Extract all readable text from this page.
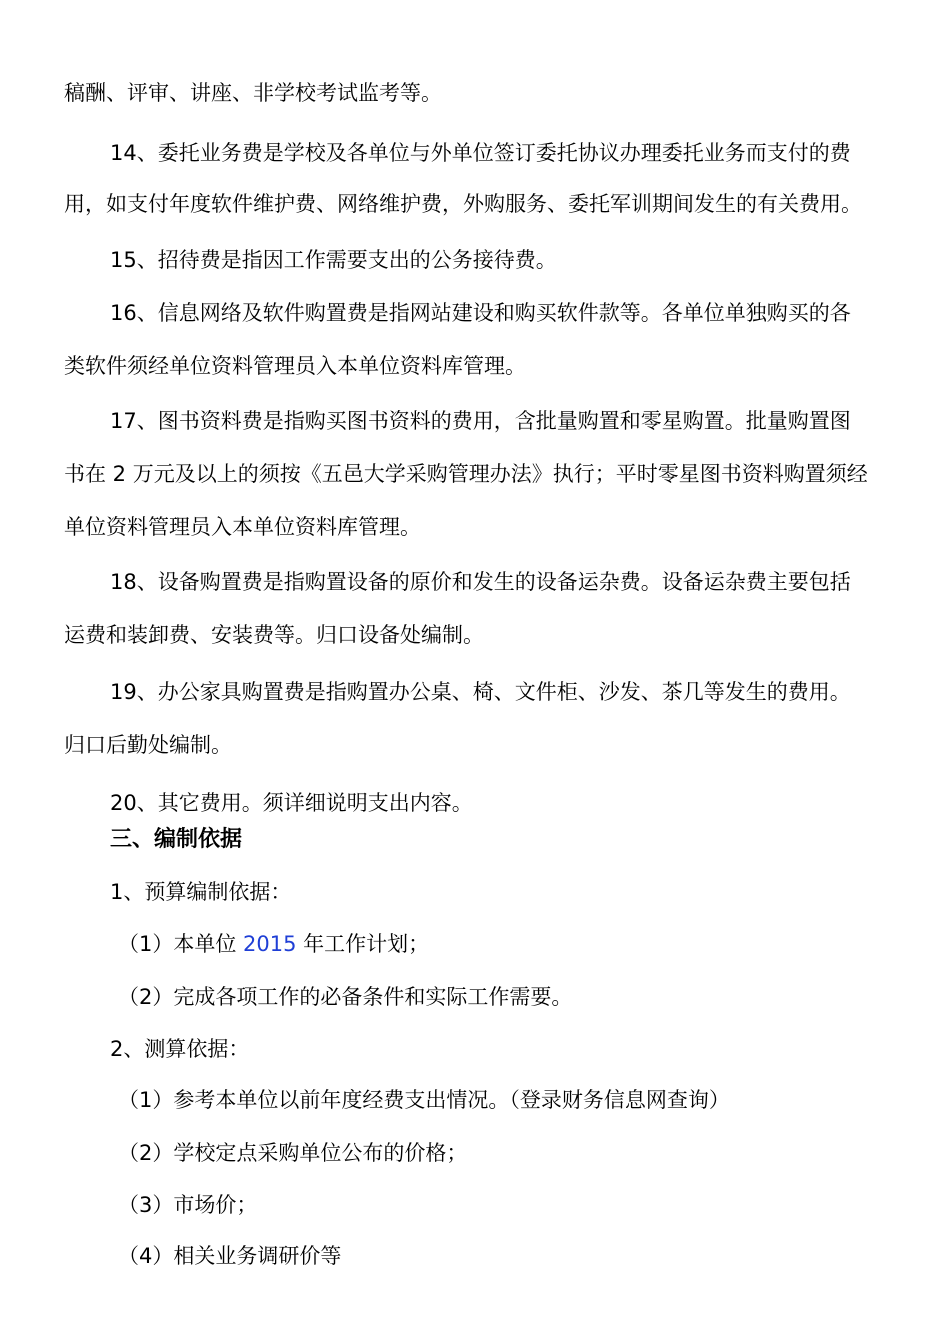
稿酬、评审、讲座、非学校考试监考等。
14、委托业务费是学校及各单位与外单位签订委托协议办理委托业务而支付的费
用，如支付年度软件维护费、网络维护费，外购服务、委托军训期间发生的有关费用。
15、招待费是指因工作需要支出的公务接待费。
16、信息网络及软件购置费是指网站建设和购买软件款等。各单位单独购买的各
类软件须经单位资料管理员入本单位资料库管理。
17、图书资料费是指购买图书资料的费用，含批量购置和零星购置。批量购置图
书在 2 万元及以上的须按《五邑大学采购管理办法》执行；平时零星图书资料购置须经
单位资料管理员入本单位资料库管理。
18、设备购置费是指购置设备的原价和发生的设备运杂费。设备运杂费主要包括
运费和装卸费、安装费等。归口设备处编制。
19、办公家具购置费是指购置办公桌、椅、文件柜、沙发、茶几等发生的费用。
归口后勤处编制。
20、其它费用。须详细说明支出内容。
三、编制依据
1、预算编制依据：
（1）本单位 2015 年工作计划；
（2）完成各项工作的必备条件和实际工作需要。
2、测算依据：
（1）参考本单位以前年度经费支出情况。（登录财务信息网查询）
（2）学校定点采购单位公布的价格；
（3）市场价；
（4）相关业务调研价等
